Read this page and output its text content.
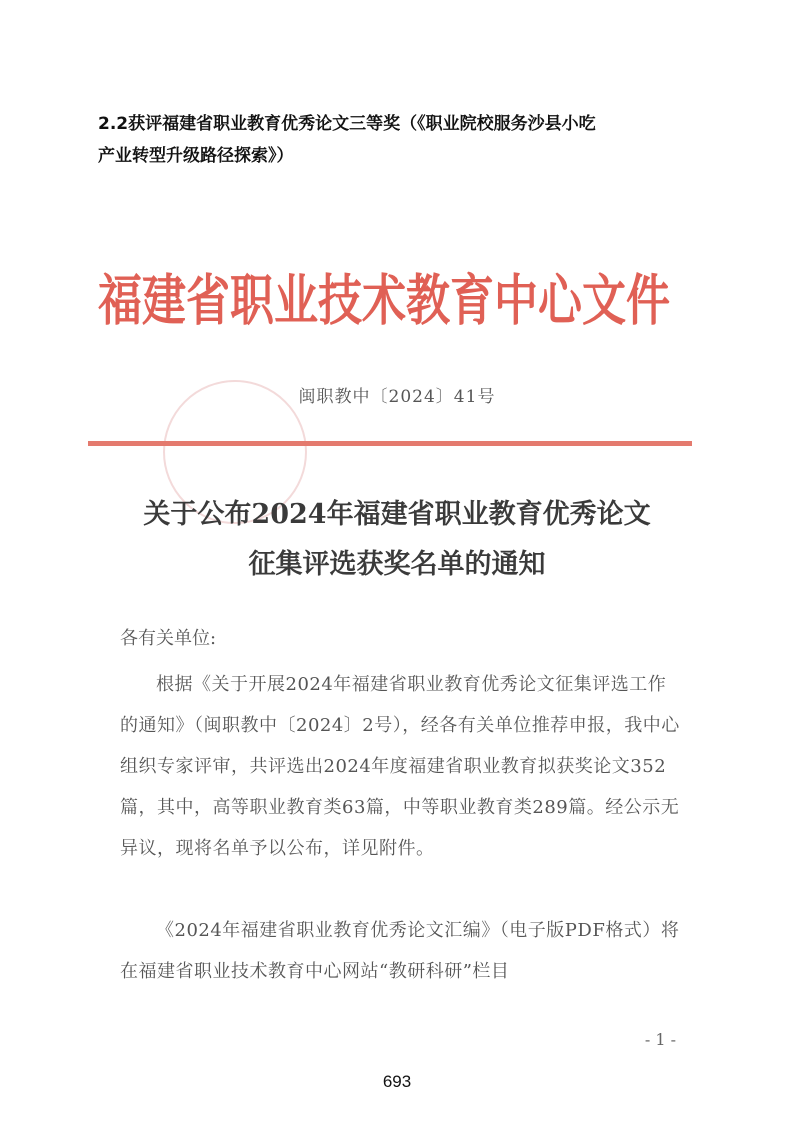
2.2获评福建省职业教育优秀论文三等奖（《职业院校服务沙县小吃
产业转型升级路径探索》）
福建省职业技术教育中心文件
闽职教中〔2024〕41号
关于公布2024年福建省职业教育优秀论文
征集评选获奖名单的通知
各有关单位:
根据《关于开展2024年福建省职业教育优秀论文征集评选工作的通知》（闽职教中〔2024〕2号），经各有关单位推荐申报，我中心组织专家评审，共评选出2024年度福建省职业教育拟获奖论文352篇，其中，高等职业教育类63篇，中等职业教育类289篇。经公示无异议，现将名单予以公布，详见附件。
《2024年福建省职业教育优秀论文汇编》（电子版PDF格式）将在福建省职业技术教育中心网站“教研科研”栏目
- 1 -
693
